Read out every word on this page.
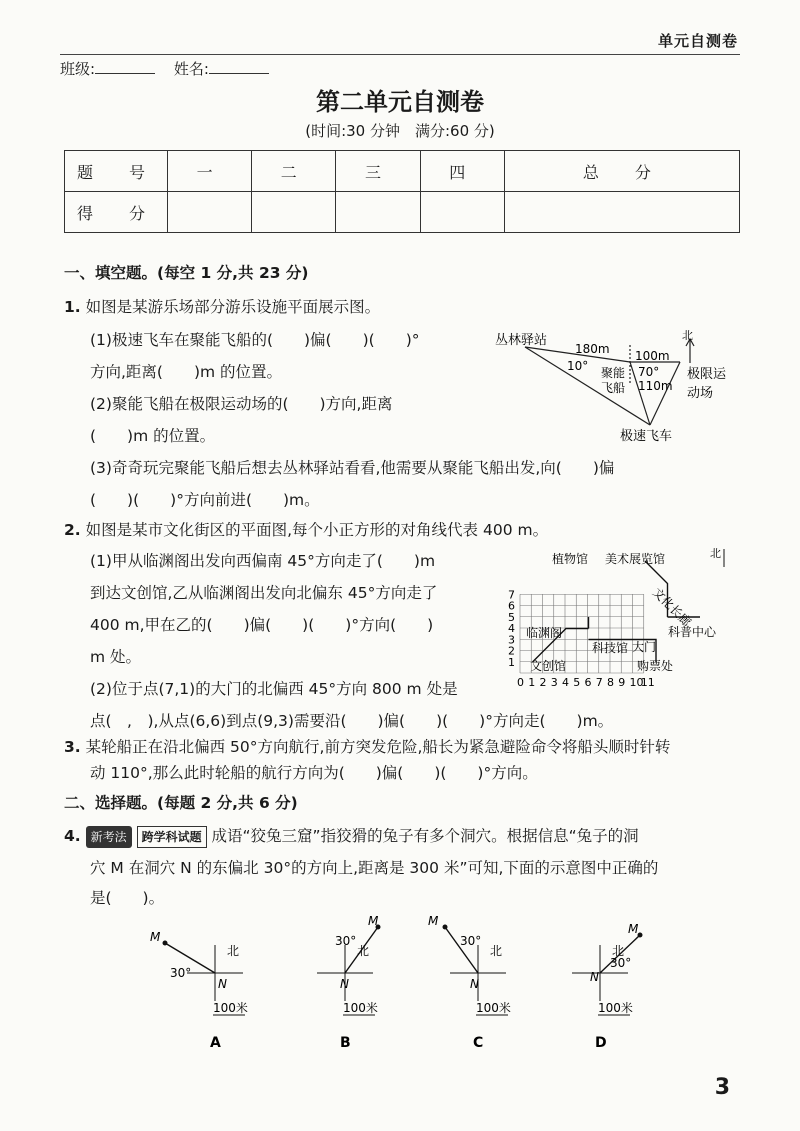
单元自测卷
班级:	姓名:
第二单元自测卷
(时间:30 分钟　满分:60 分)
题　号	一	二	三	四	总　分
得　分					
一、填空题。(每空 1 分,共 23 分)
1. 如图是某游乐场部分游乐设施平面展示图。
(1)极速飞车在聚能飞船的(　　)偏(　　)(　　)°
方向,距离(　　)m 的位置。
(2)聚能飞船在极限运动场的(　　)方向,距离
(　　)m 的位置。
(3)奇奇玩完聚能飞船后想去丛林驿站看看,他需要从聚能飞船出发,向(　　)偏
(　　)(　　)°方向前进(　　)m。
丛林驿站
180m 100m
10°	70°
110m
聚能
飞船
极限运
动场
极速飞车
北
2. 如图是某市文化街区的平面图,每个小正方形的对角线代表 400 m。
(1)甲从临渊阁出发向西偏南 45°方向走了(　　)m
到达文创馆,乙从临渊阁出发向北偏东 45°方向走了
400 m,甲在乙的(　　)偏(　　)(　　)°方向(　　)
m 处。
(2)位于点(7,1)的大门的北偏西 45°方向 800 m 处是
点(　,　),从点(6,6)到点(9,3)需要沿(　　)偏(　　)(　　)°方向走(　　)m。
0 1 2 3 4 5 6 7 8 9 10
11
1
2
3
4
5
6
7
植物馆 美术展览馆
文化长廊
临渊阁	科普中心
科技馆 大门
文创馆	购票处
北
3. 某轮船正在沿北偏西 50°方向航行,前方突发危险,船长为紧急避险命令将船头顺时针转
动 110°,那么此时轮船的航行方向为(　　)偏(　　)(　　)°方向。
二、选择题。(每题 2 分,共 6 分)
4. 新考法 跨学科试题 成语“狡兔三窟”指狡猾的兔子有多个洞穴。根据信息“兔子的洞
穴 M 在洞穴 N 的东偏北 30°的方向上,距离是 300 米”可知,下面的示意图中正确的
是(　　)。
M
N
30°
北
100米
A
M
N
30°
北
100米
B
M
N
30°
北
100米
C
M
N
30°
北
100米
D
3
